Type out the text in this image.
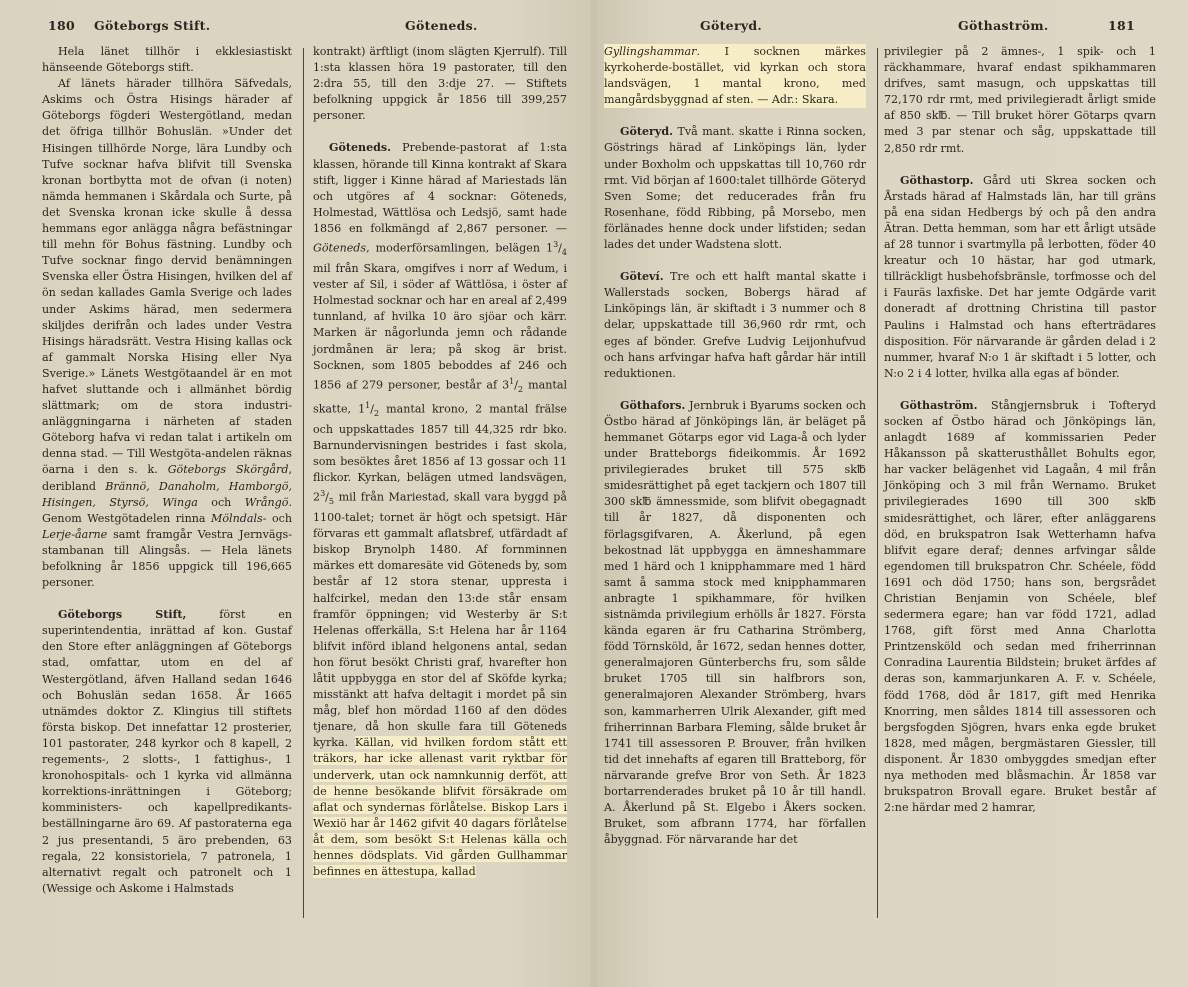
180 Göteborgs Stift.	Göteneds.	Göteryd.	Göthaström.	181

Hela länet tillhör i ekklesiastiskt hänseende Göteborgs stift.

Af länets härader tillhöra Säfvedals, Askims och Östra Hisings härader af Göteborgs fögderi Westergötland, medan det öfriga tillhör Bohuslän. »Under det Hisingen tillhörde Norge, lära Lundby och Tufve socknar hafva blifvit till Svenska kronan bortbytta mot de ofvan (i noten) nämda hemmanen i Skårdala och Surte, på det Svenska kronan icke skulle å dessa hemmans egor anlägga några befästningar till mehn för Bohus fästning. Lundby och Tufve socknar fingo dervid benämningen Svenska eller Östra Hisingen, hvilken del af ön sedan kallades Gamla Sverige och lades under Askims härad, men sedermera skiljdes derifrån och lades under Vestra Hisings häradsrätt. Vestra Hising kallas ock af gammalt Norska Hising eller Nya Sverige.» Länets Westgötaandel är en mot hafvet sluttande och i allmänhet bördig slättmark; om de stora industri-anläggningarna i närheten af staden Göteborg hafva vi redan talat i artikeln om denna stad. — Till Westgöta-andelen räknas öarna i den s. k. Göteborgs Skörgård, deribland Brännö, Danaholm, Hamborgö, Hisingen, Styrsö, Winga och Wrångö. Genom Westgötadelen rinna Mölndals- och Lerje-åarne samt framgår Vestra Jernvägs-stambanan till Alingsås. — Hela länets befolkning år 1856 uppgick till 196,665 personer.

Göteborgs Stift,	först en superintendentia, inrättad af kon. Gustaf den Store efter anläggningen af Göteborgs stad, omfattar, utom en del af Westergötland, äfven Halland sedan 1646 och Bohuslän sedan 1658. År 1665 utnämdes doktor Z. Klingius till stiftets första biskop. Det innefattar 12 prosterier, 101 pastorater, 248 kyrkor och 8 kapell, 2 regements-, 2 slotts-, 1 fattighus-, 1 kronohospitals- och 1 kyrka vid allmänna korrektions-inrättningen i Göteborg; komministers- och kapellpredikants-beställningarne äro 69. Af pastoraterna ega 2 jus presentandi, 5 äro prebenden, 63 regala, 22 konsistoriela, 7 patronela, 1 alternativt regalt och patronelt och 1 (Wessige och Askome i Halmstads

kontrakt) ärftligt (inom slägten Kjerrulf). Till 1:sta klassen höra 19 pastorater, till den 2:dra 55, till den 3:dje 27. — Stiftets befolkning uppgick år 1856 till 399,257 personer.

Göteneds. Prebende-pastorat af 1:sta klassen, hörande till Kinna kontrakt af Skara stift, ligger i Kinne härad af Mariestads län och utgöres af 4 socknar: Göteneds, Holmestad, Wättlösa och Ledsjö, samt hade 1856 en folkmängd af 2,867 personer. — Göteneds, moderförsamlingen, belägen $1^3/_4$ mil från Skara, omgifves i norr af Wedum, i vester af Sil, i söder af Wättlösa, i öster af Holmestad socknar och har en areal af 2,499 tunnland, af hvilka 10 äro sjöar och kärr. Marken är någorlunda jemn och rådande jordmånen är lera; på skog är brist. Socknen, som 1805 beboddes af 246 och 1856 af 279 personer, består af $3^1/_2$ mantal skatte, $1^1/_2$ mantal krono, 2 mantal frälse och uppskattades 1857 till 44,325 rdr bko. Barnundervisningen bestrides i fast skola, som besöktes året 1856 af 13 gossar och 11 flickor. Kyrkan, belägen utmed landsvägen, $2^3/_5$ mil från Mariestad, skall vara byggd på 1100-talet; tornet är högt och spetsigt. Här förvaras ett gammalt aflatsbref, utfärdadt af biskop Brynolph 1480. Af fornminnen märkes ett domaresäte vid Göteneds by, som består af 12 stora stenar, uppresta i halfcirkel, medan den 13:de står ensam framför öppningen; vid Westerby är S:t Helenas offerkälla, S:t Helena har år 1164 blifvit införd ibland helgonens antal, sedan hon förut besökt Christi graf, hvarefter hon låtit uppbygga en stor del af Sköfde kyrka; misstänkt att hafva deltagit i mordet på sin måg, blef hon mördad 1160 af den dödes tjenare, då hon skulle fara till Göteneds kyrka. Källan, vid hvilken fordom stått ett träkors, har icke allenast varit ryktbar för underverk, utan ock namnkunnig derföt, att de henne besökande blifvit försäkrade om aflat och syndernas förlåtelse. Biskop Lars i Wexiö har år 1462 gifvit 40 dagars förlåtelse åt dem, som besökt S:t Helenas källa och hennes dödsplats. Vid gården Gullhammar befinnes en ättestupa, kallad

Gyllingshammar. I socknen märkes kyrkoherde-bostället, vid kyrkan och stora landsvägen, 1 mantal krono, med mangårdsbyggnad af sten. — Adr.: Skara.

Göteryd. Två mant. skatte i Rinna socken, Göstrings härad af Linköpings län, lyder under Boxholm och uppskattas till 10,760 rdr rmt. Vid början af 1600:talet tillhörde Göteryd Sven Some; det reducerades från fru Rosenhane, född Ribbing, på Morsebo, men förlänades henne dock under lifstiden; sedan lades det under Wadstena slott.

Göteví. Tre och ett halft mantal skatte i Wallerstads socken, Bobergs härad af Linköpings län, är skiftadt i 3 nummer och 8 delar, uppskattade till 36,960 rdr rmt, och eges af bönder. Grefve Ludvig Leijonhufvud och hans arfvingar hafva haft gårdar här intill reduktionen.

Göthafors. Jernbruk i Byarums socken och Östbo härad af Jönköpings län, är beläget på hemmanet Götarps egor vid Laga-å och lyder under Bratteborgs fideikommis. År 1692 privilegierades bruket till 575 sk℔ smidesrättighet på eget tackjern och 1807 till 300 sk℔ ämnessmide, som blifvit obegagnadt till år 1827, då disponenten och förlagsgifvaren, A. Åkerlund, på egen bekostnad lät uppbygga en ämneshammare med 1 härd och 1 knipphammare med 1 härd samt å samma stock med knipphammaren anbragte 1 spikhammare, för hvilken sistnämda privilegium erhölls år 1827. Första kända egaren är fru Catharina Strömberg, född Törnsköld, år 1672, sedan hennes dotter, generalmajoren Günterberchs fru, som sålde bruket 1705 till sin halfbrors son, generalmajoren Alexander Strömberg, hvars son, kammarherren Ulrik Alexander, gift med friherrinnan Barbara Fleming, sålde bruket år 1741 till assessoren P. Brouver, från hvilken tid det innehafts af egaren till Bratteborg, för närvarande grefve Bror von Seth. År 1823 bortarrenderades bruket på 10 år till handl. A. Åkerlund på St. Elgebo i Åkers socken. Bruket, som afbrann 1774, har förfallen åbyggnad. För närvarande har det

privilegier på 2 ämnes-, 1 spik- och 1 räckhammare, hvaraf endast spikhammaren drifves, samt masugn, och uppskattas till 72,170 rdr rmt, med privilegieradt årligt smide af 850 sk℔. — Till bruket hörer Götarps qvarn med 3 par stenar och såg, uppskattade till 2,850 rdr rmt.

Göthastorp. Gård uti Skrea socken och Årstads härad af Halmstads län, har till gräns på ena sidan Hedbergs bý och på den andra Ätran. Detta hemman, som har ett årligt utsäde af 28 tunnor i svartmylla på lerbotten, föder 40 kreatur och 10 hästar, har god utmark, tillräckligt husbehofsbränsle, torfmosse och del i Fauräs laxfiske. Det har jemte Odgärde varit doneradt af drottning Christina till pastor Paulins i Halmstad och hans efterträdares disposition. För närvarande är gården delad i 2 nummer, hvaraf N:o 1 är skiftadt i 5 lotter, och N:o 2 i 4 lotter, hvilka alla egas af bönder.

Göthaström. Stångjernsbruk i Tofteryd socken af Östbo härad och Jönköpings län, anlagdt 1689 af kommissarien Peder Håkansson på skatterusthållet Bohults egor, har vacker belägenhet vid Lagaån, 4 mil från Jönköping och 3 mil från Wernamo. Bruket privilegierades 1690 till 300 sk℔ smidesrättighet, och lärer, efter anläggarens död, en brukspatron Isak Wetterhamn hafva blifvit egare deraf; dennes arfvingar sålde egendomen till brukspatron Chr. Schéele, född 1691 och död 1750; hans son, bergsrådet Christian Benjamin von Schéele, blef sedermera egare; han var född 1721, adlad 1768, gift först med Anna Charlotta Printzensköld och sedan med friherrinnan Conradina Laurentia Bildstein; bruket ärfdes af deras son, kammarjunkaren A. F. v. Schéele, född 1768, död år 1817, gift med Henrika Knorring, men såldes 1814 till assessoren och bergsfogden Sjögren, hvars enka egde bruket 1828, med mågen, bergmästaren Giessler, till disponent. År 1830 ombyggdes smedjan efter nya methoden med blåsmachin. År 1858 var brukspatron Brovall egare. Bruket består af 2:ne härdar med 2 hamrar,
